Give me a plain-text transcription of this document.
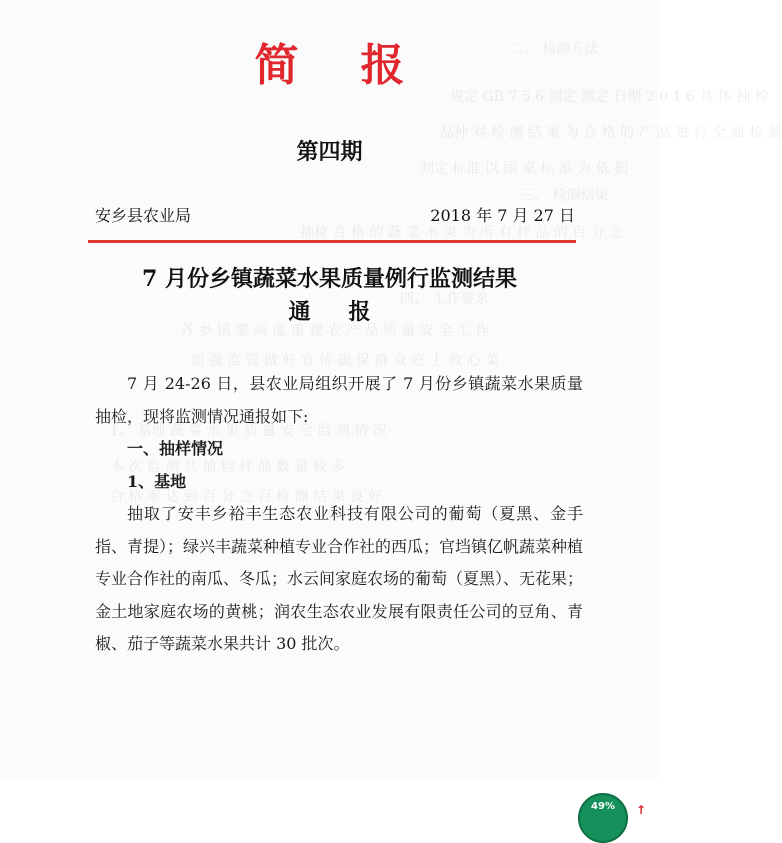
二、 检测方法
规定 GB 7 5 6 测定 测定 日期 2 0 1 6 具 体 抽 检
品种 对 检 测 结 果 为 合 格 的 产 品 进 行 全 面 检 测
判定 标准 以 国 家 标 准 为 依 据
三、 检测结果
抽检 合 格 的 蔬 菜 水 果 为 所 有 样 品 的 百 分 之
四、 工作要求
各 乡 镇 要 高 度 重 视 农 产 品 质 量 安 全 工 作
加 强 监 管 做 好 宣 传 确 保 群 众 吃 上 放 心 菜
1、 基地 蔬 菜 水 果 质 量 安 全 监 测 情 况
本 次 监 测 共 抽 检 样 品 数 量 较 多
合 格 率 达 到 百 分 之 百 检 测 结 果 良 好
简报
第四期
安乡县农业局	2018 年 7 月 27 日
7 月份乡镇蔬菜水果质量例行监测结果
通报

7 月 24-26 日，县农业局组织开展了 7 月份乡镇蔬菜水果质量抽检，现将监测情况通报如下:

一、抽样情况

1、基地

抽取了安丰乡裕丰生态农业科技有限公司的葡萄（夏黑、金手指、青提）；绿兴丰蔬菜种植专业合作社的西瓜；官垱镇亿帆蔬菜种植专业合作社的南瓜、冬瓜；水云间家庭农场的葡萄（夏黑）、无花果；金土地家庭农场的黄桃；润农生态农业发展有限责任公司的豆角、青椒、茄子等蔬菜水果共计 30 批次。

49%	↑
